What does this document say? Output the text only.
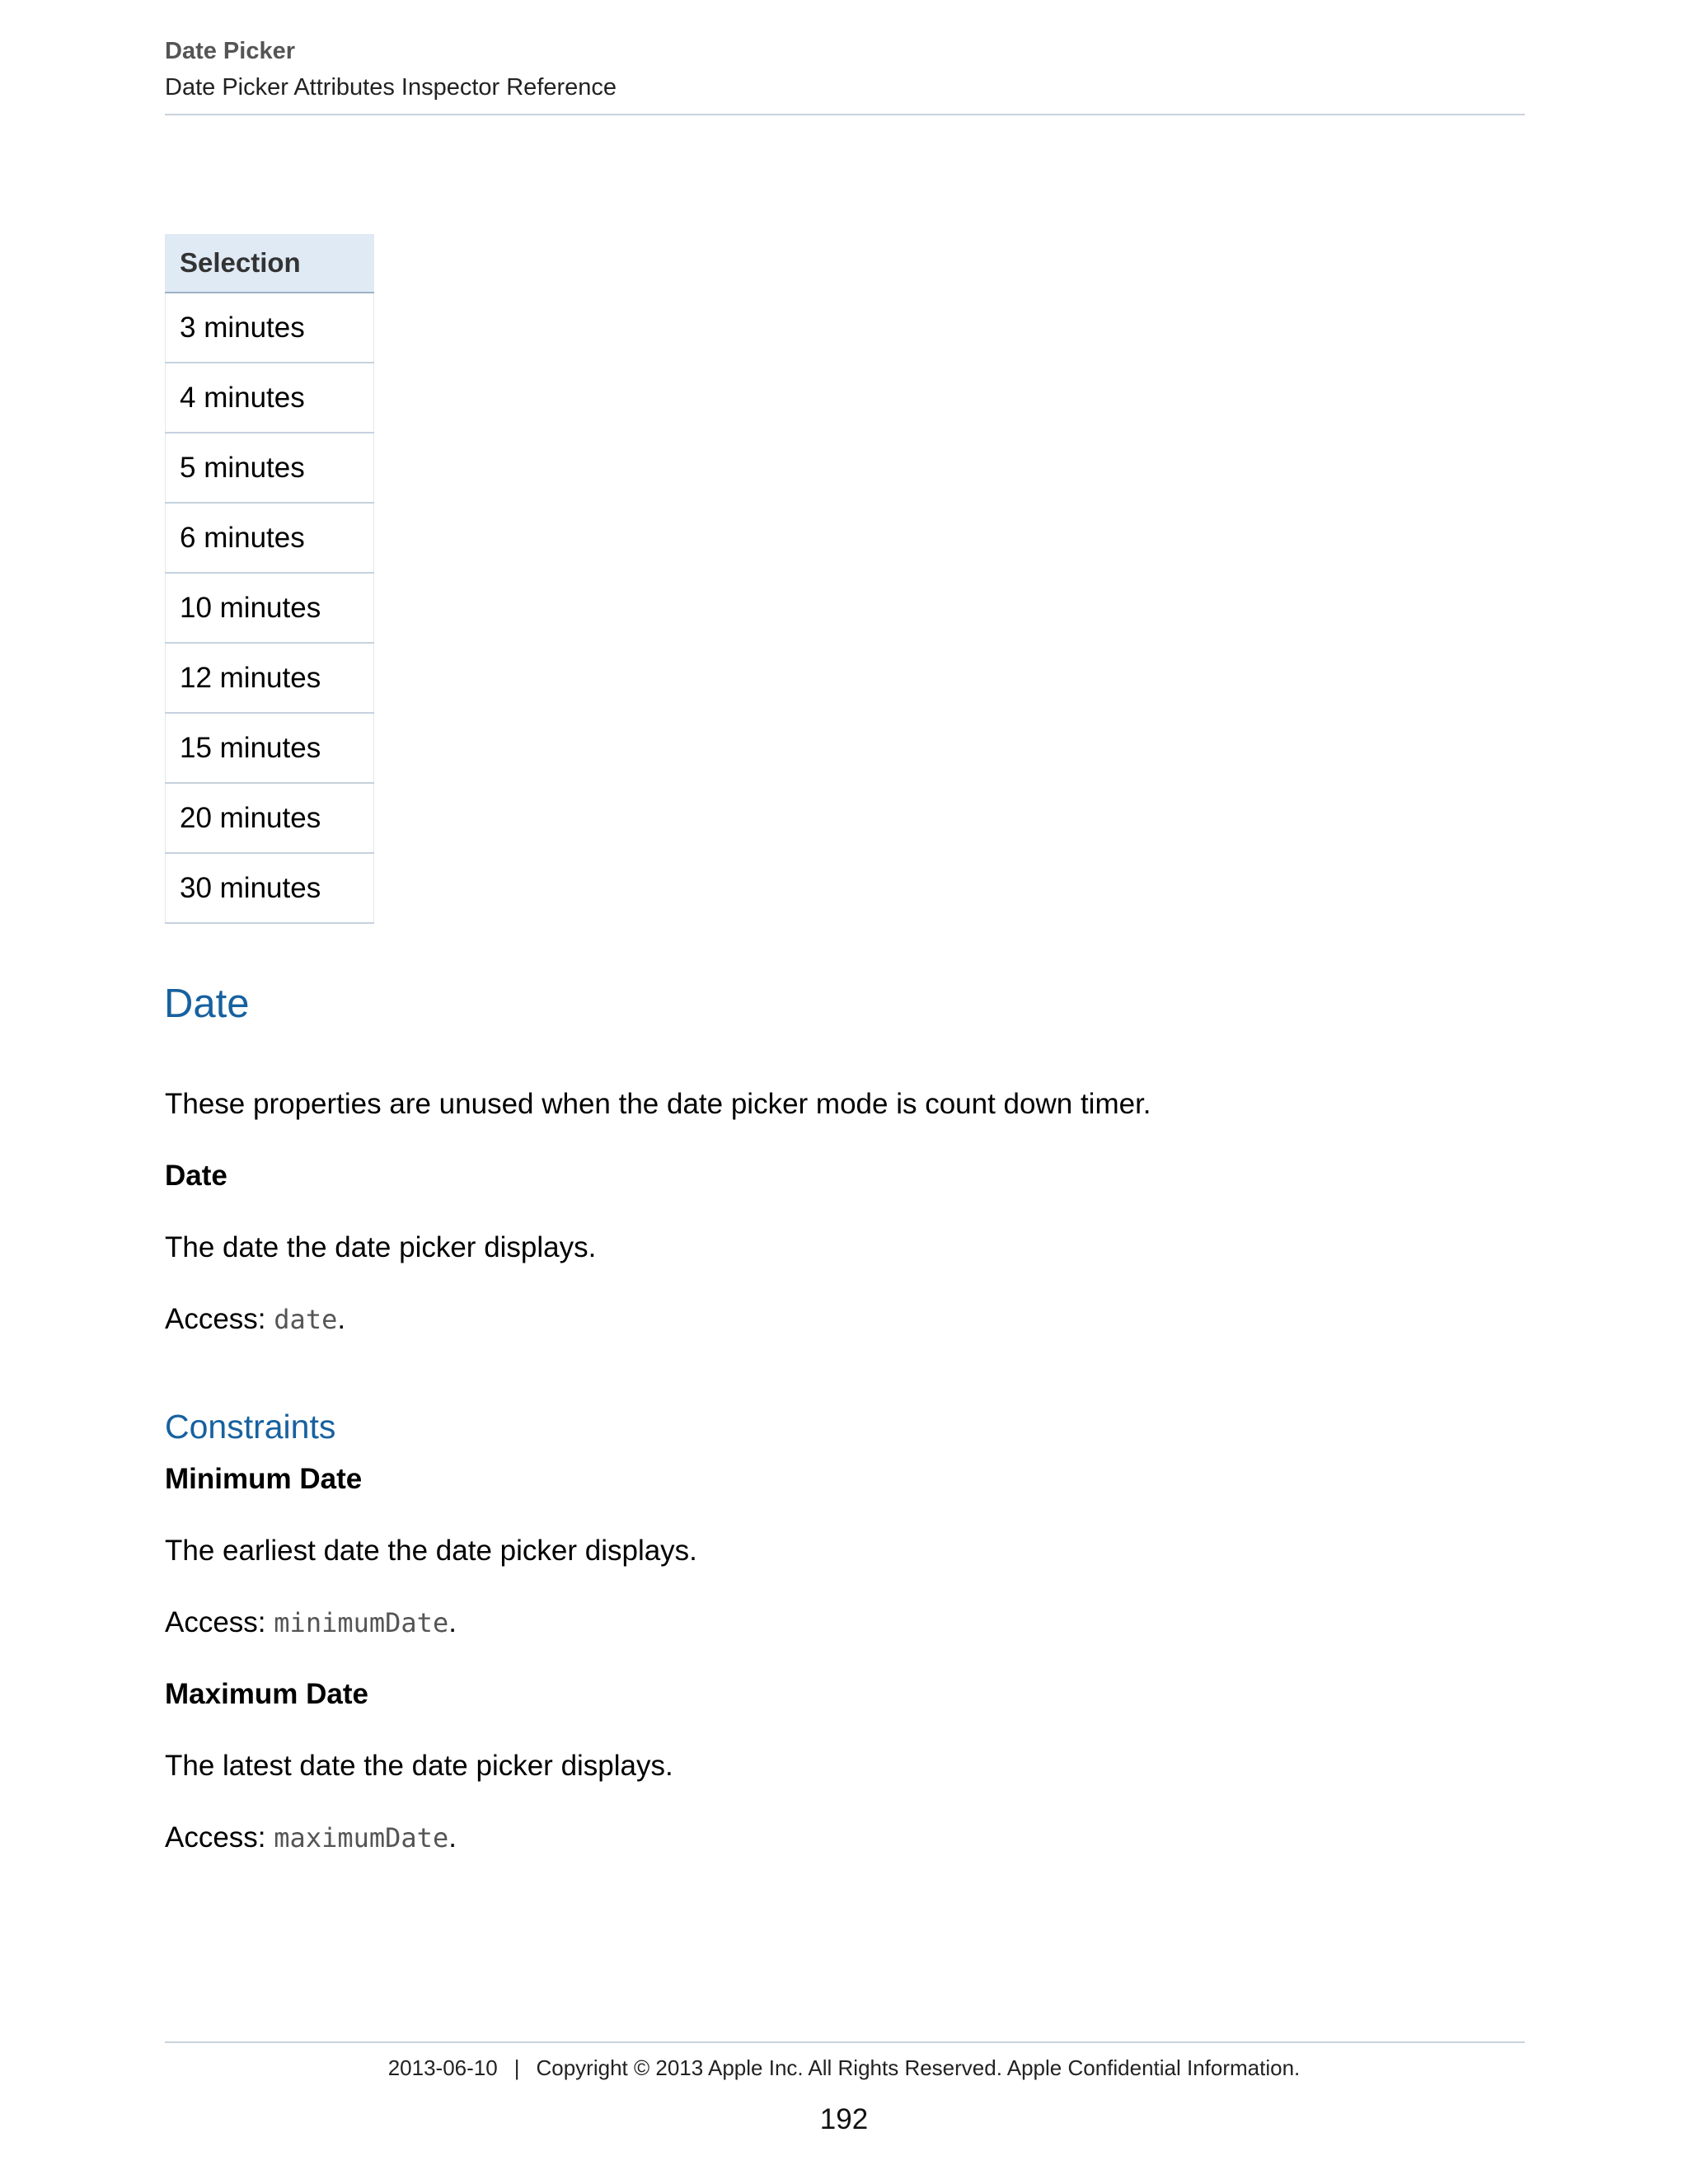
Date Picker
Date Picker Attributes Inspector Reference
Selection
3 minutes
4 minutes
5 minutes
6 minutes
10 minutes
12 minutes
15 minutes
20 minutes
30 minutes
Date
These properties are unused when the date picker mode is count down timer.
Date
The date the date picker displays.
Access: date.
Constraints
Minimum Date
The earliest date the date picker displays.
Access: minimumDate.
Maximum Date
The latest date the date picker displays.
Access: maximumDate.
2013-06-10 | Copyright © 2013 Apple Inc. All Rights Reserved. Apple Confidential Information.
192
